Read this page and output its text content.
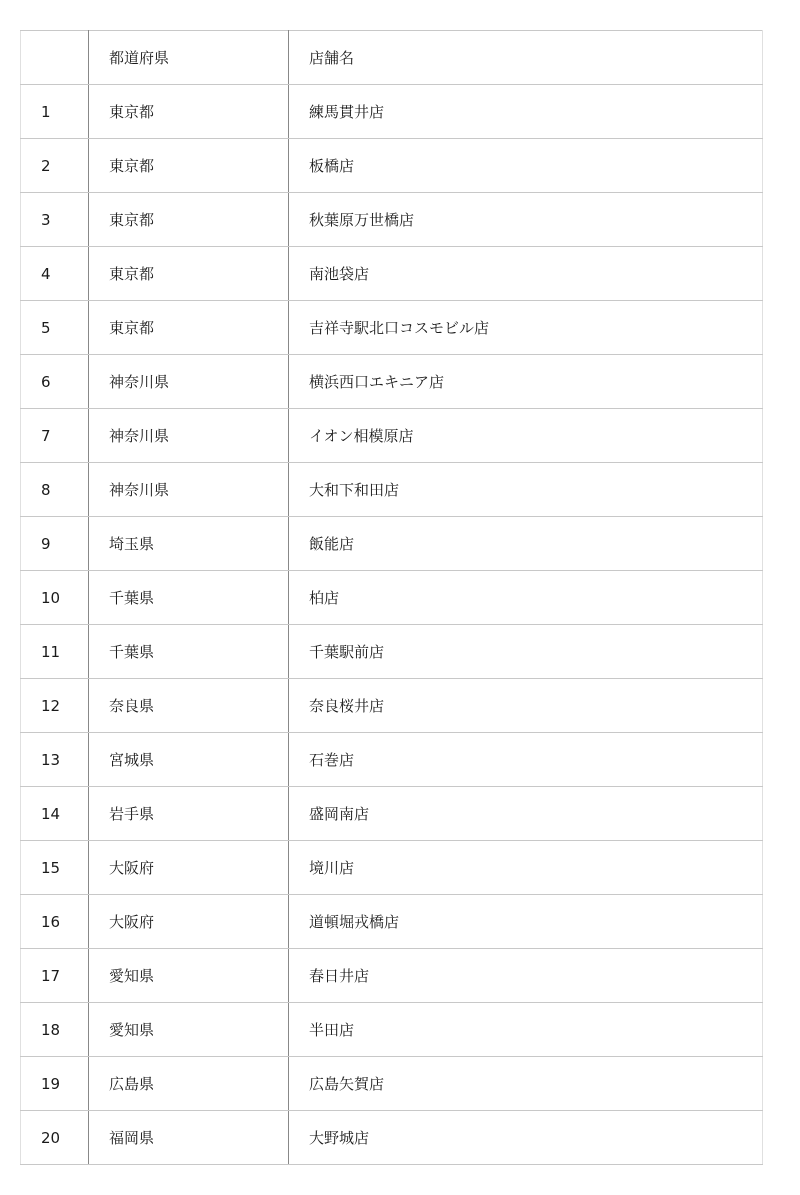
	都道府県	店舗名
1	東京都	練馬貫井店
2	東京都	板橋店
3	東京都	秋葉原万世橋店
4	東京都	南池袋店
5	東京都	吉祥寺駅北口コスモビル店
6	神奈川県	横浜西口エキニア店
7	神奈川県	イオン相模原店
8	神奈川県	大和下和田店
9	埼玉県	飯能店
10	千葉県	柏店
11	千葉県	千葉駅前店
12	奈良県	奈良桜井店
13	宮城県	石巻店
14	岩手県	盛岡南店
15	大阪府	境川店
16	大阪府	道頓堀戎橋店
17	愛知県	春日井店
18	愛知県	半田店
19	広島県	広島矢賀店
20	福岡県	大野城店
